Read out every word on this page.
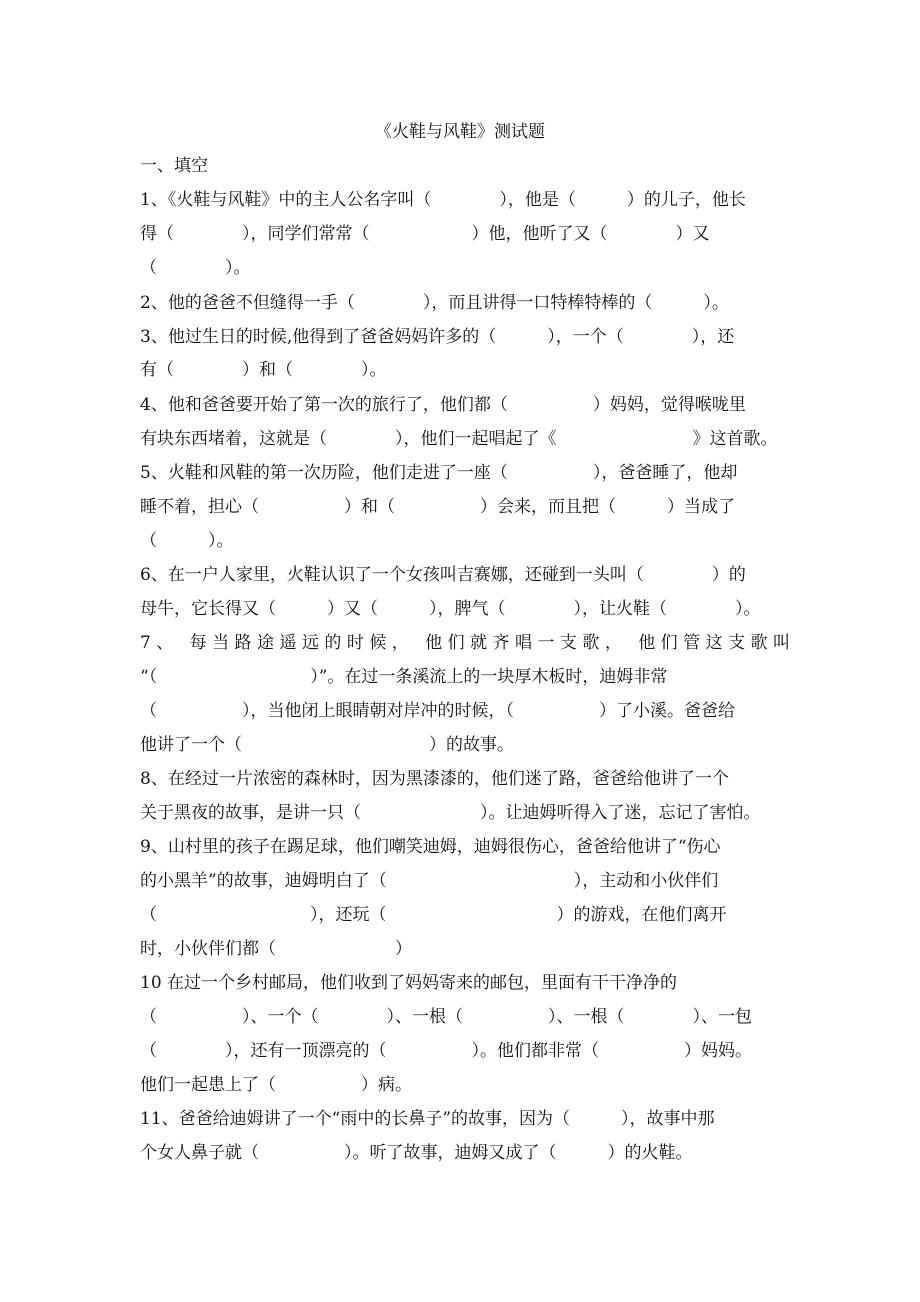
《火鞋与风鞋》测试题
一、填空
1、《火鞋与风鞋》中的主人公名字叫（　　　　），他是（　　　）的儿子，他长
得（　　　　），同学们常常（　　　　　　）他，他听了又（　　　　）又
（　　　　）。
2、他的爸爸不但缝得一手（　　　　），而且讲得一口特棒特棒的（　　　）。
3、他过生日的时候,他得到了爸爸妈妈许多的（　　　），一个（　　　　），还
有（　　　　）和（　　　　）。
4、他和爸爸要开始了第一次的旅行了，他们都（　　　　　）妈妈，觉得喉咙里
有块东西堵着，这就是（　　　　），他们一起唱起了《　　　　　　　　》这首歌。
5、火鞋和风鞋的第一次历险，他们走进了一座（　　　　　），爸爸睡了，他却
睡不着，担心（　　　　　）和（　　　　　）会来，而且把（　　　）当成了
（　　　）。
6、在一户人家里，火鞋认识了一个女孩叫吉赛娜，还碰到一头叫（　　　　）的
母牛，它长得又（　　　）又（　　　），脾气（　　　　），让火鞋（　　　　）。
7、 每当路途遥远的时候， 他们就齐唱一支歌， 他们管这支歌叫
“（　　　　　　　　　）”。在过一条溪流上的一块厚木板时，迪姆非常
（　　　　　），当他闭上眼睛朝对岸冲的时候，（　　　　　）了小溪。爸爸给
他讲了一个（　　　　　　　　　　　）的故事。
8、在经过一片浓密的森林时，因为黑漆漆的，他们迷了路，爸爸给他讲了一个
关于黑夜的故事，是讲一只（　　　　　　　）。让迪姆听得入了迷，忘记了害怕。
9、山村里的孩子在踢足球，他们嘲笑迪姆，迪姆很伤心，爸爸给他讲了“伤心
的小黑羊”的故事，迪姆明白了（　　　　　　　　　　　），主动和小伙伴们
（　　　　　　　　　），还玩（　　　　　　　　　　）的游戏，在他们离开
时，小伙伴们都（　　　　　　　）
10 在过一个乡村邮局，他们收到了妈妈寄来的邮包，里面有干干净净的
（　　　　　）、一个（　　　　）、一根（　　　　　）、一根（　　　　）、一包
（　　　　），还有一顶漂亮的（　　　　　）。他们都非常（　　　　　）妈妈。
他们一起患上了（　　　　　）病。
11、爸爸给迪姆讲了一个“雨中的长鼻子”的故事，因为（　　　），故事中那
个女人鼻子就（　　　　　）。听了故事，迪姆又成了（　　　）的火鞋。
